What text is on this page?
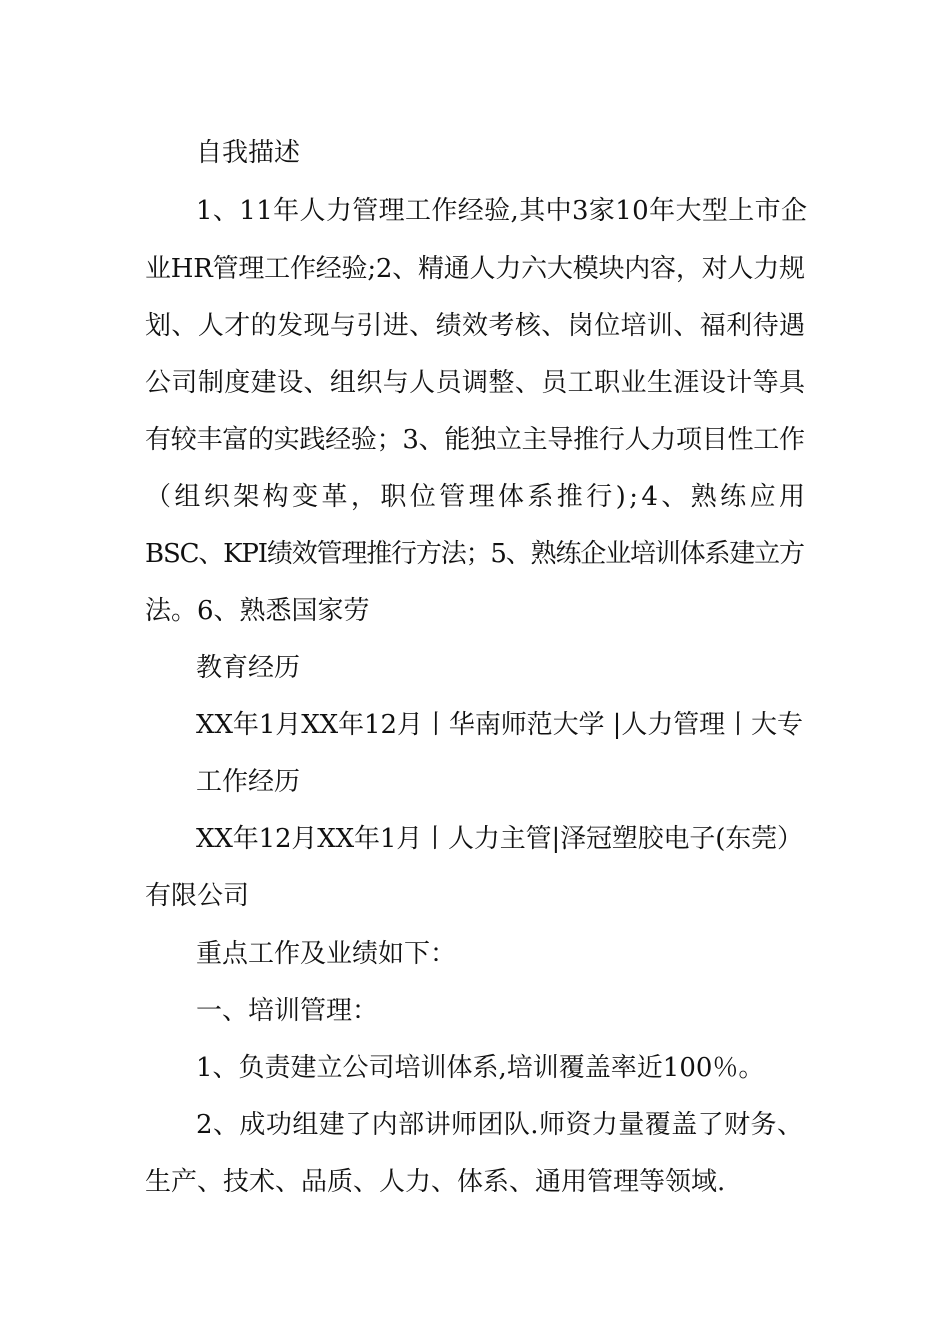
自我描述
1、11年人力管理工作经验,其中3家10年大型上市企
业HR管理工作经验;2、精通人力六大模块内容，对人力规
划、人才的发现与引进、绩效考核、岗位培训、福利待遇
公司制度建设、组织与人员调整、员工职业生涯设计等具
有较丰富的实践经验；3、能独立主导推行人力项目性工作
（组织架构变革，职位管理体系推行);4、熟练应用
BSC、KPI绩效管理推行方法；5、熟练企业培训体系建立方
法。6、熟悉国家劳
教育经历
XX年1月XX年12月丨华南师范大学 |人力管理丨大专
工作经历
XX年12月XX年1月丨人力主管|泽冠塑胶电子(东莞）
有限公司
重点工作及业绩如下：
一、培训管理：
1、负责建立公司培训体系,培训覆盖率近100％。
2、成功组建了内部讲师团队.师资力量覆盖了财务、
生产、技术、品质、人力、体系、通用管理等领域.
